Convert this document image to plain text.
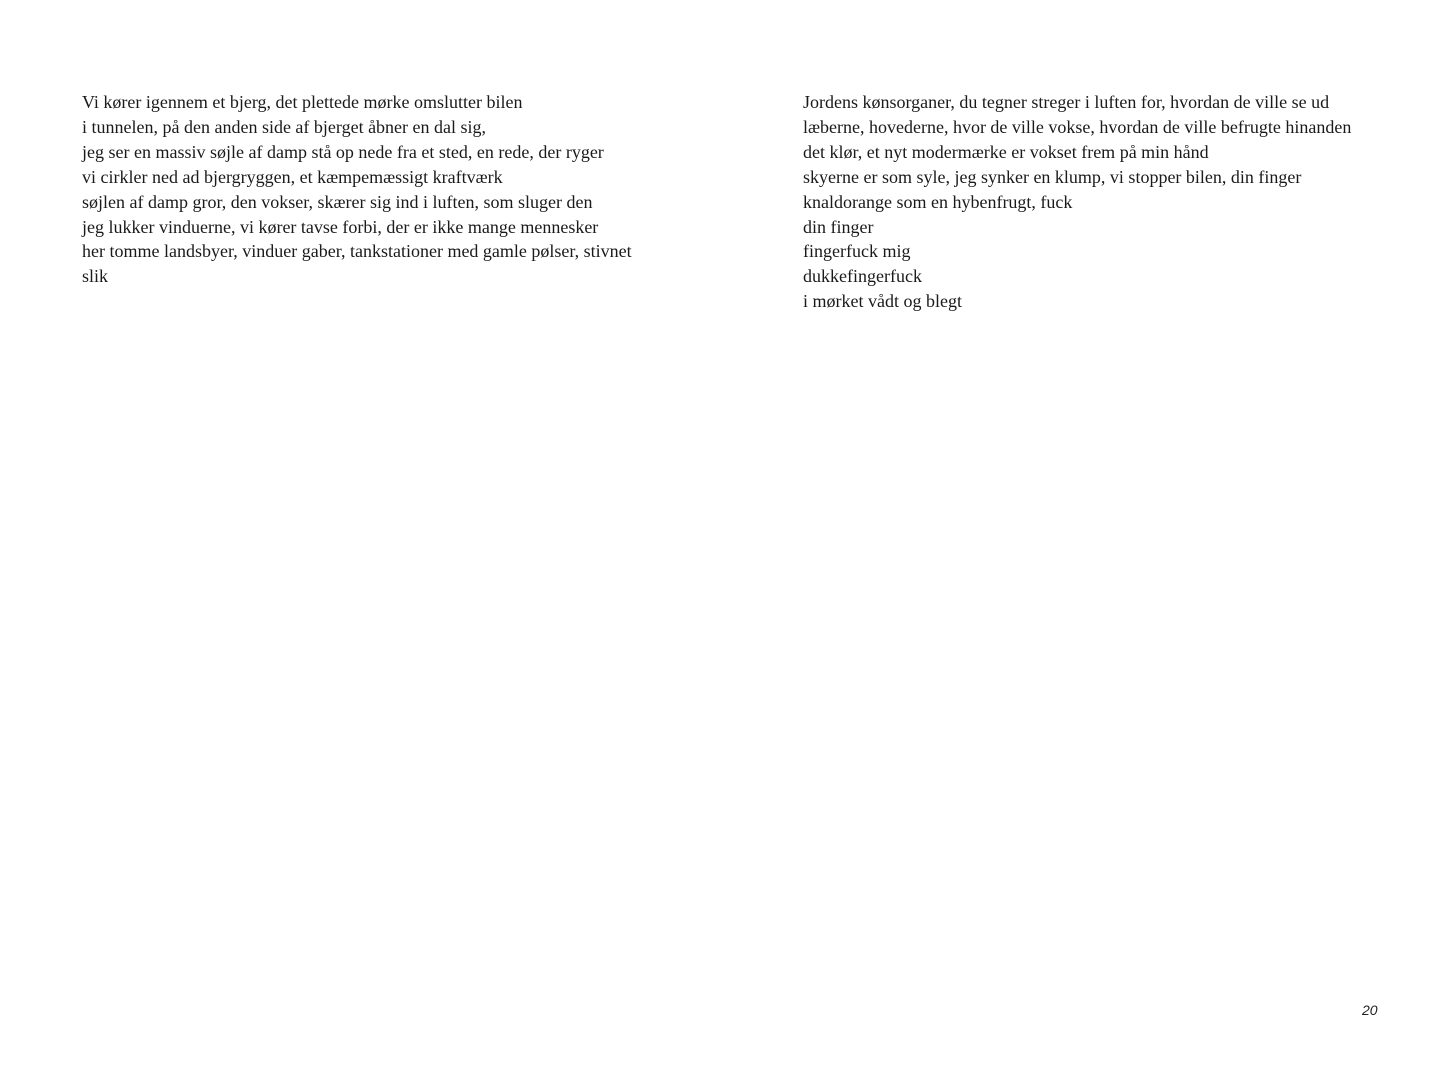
Vi kører igennem et bjerg, det plettede mørke omslutter bilen
i tunnelen, på den anden side af bjerget åbner en dal sig,
jeg ser en massiv søjle af damp stå op nede fra et sted, en rede, der ryger
vi cirkler ned ad bjergryggen, et kæmpemæssigt kraftværk
søjlen af damp gror, den vokser, skærer sig ind i luften, som sluger den
jeg lukker vinduerne, vi kører tavse forbi, der er ikke mange mennesker
her tomme landsbyer, vinduer gaber, tankstationer med gamle pølser, stivnet
slik
Jordens kønsorganer, du tegner streger i luften for, hvordan de ville se ud
læberne, hovederne, hvor de ville vokse, hvordan de ville befrugte hinanden
det klør, et nyt modermærke er vokset frem på min hånd
skyerne er som syle, jeg synker en klump, vi stopper bilen, din finger
knaldorange som en hybenfrugt, fuck
din finger
fingerfuck mig
dukkefingerfuck
i mørket vådt og blegt
20
